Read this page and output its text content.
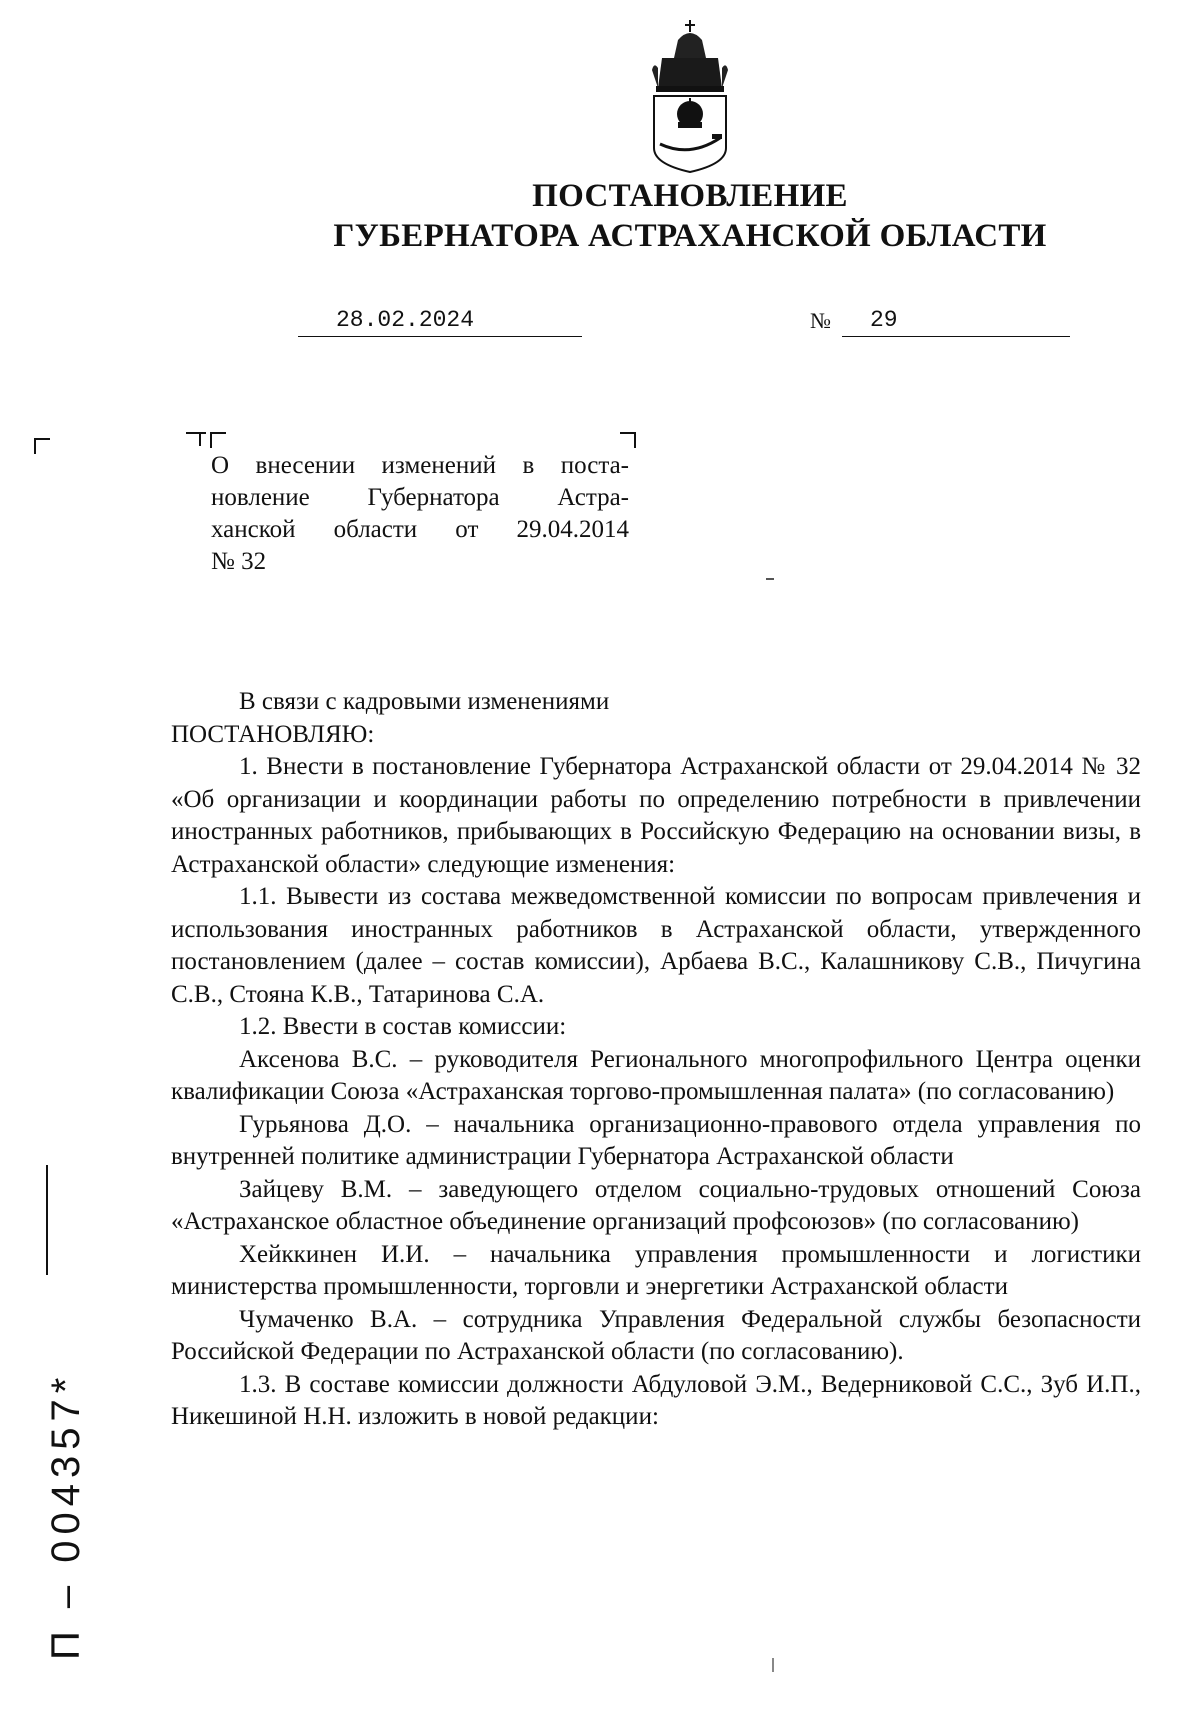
ПОСТАНОВЛЕНИЕ
ГУБЕРНАТОРА АСТРАХАНСКОЙ ОБЛАСТИ
28.02.2024	№	29
О внесении изменений в поста-
новление Губернатора Астра-
ханской области от 29.04.2014
№ 32

В связи с кадровыми изменениями

ПОСТАНОВЛЯЮ:

1. Внести в постановление Губернатора Астраханской области от 29.04.2014 № 32 «Об организации и координации работы по определению потребности в привлечении иностранных работников, прибывающих в Российскую Федерацию на основании визы, в Астраханской области» следующие изменения:

1.1. Вывести из состава межведомственной комиссии по вопросам привлечения и использования иностранных работников в Астраханской области, утвержденного постановлением (далее – состав комиссии), Арбаева В.С., Калашникову С.В., Пичугина С.В., Стояна К.В., Татаринова С.А.

1.2. Ввести в состав комиссии:

Аксенова В.С. – руководителя Регионального многопрофильного Центра оценки квалификации Союза «Астраханская торгово-промышленная палата» (по согласованию)

Гурьянова Д.О. – начальника организационно-правового отдела управления по внутренней политике администрации Губернатора Астраханской области

Зайцеву В.М. – заведующего отделом социально-трудовых отношений Союза «Астраханское областное объединение организаций профсоюзов» (по согласованию)

Хейккинен И.И. – начальника управления промышленности и логистики министерства промышленности, торговли и энергетики Астраханской области

Чумаченко В.А. – сотрудника Управления Федеральной службы безопасности Российской Федерации по Астраханской области (по согласованию).

1.3. В составе комиссии должности Абдуловой Э.М., Ведерниковой С.С., Зуб И.П., Никешиной Н.Н. изложить в новой редакции:

П – 004357*
